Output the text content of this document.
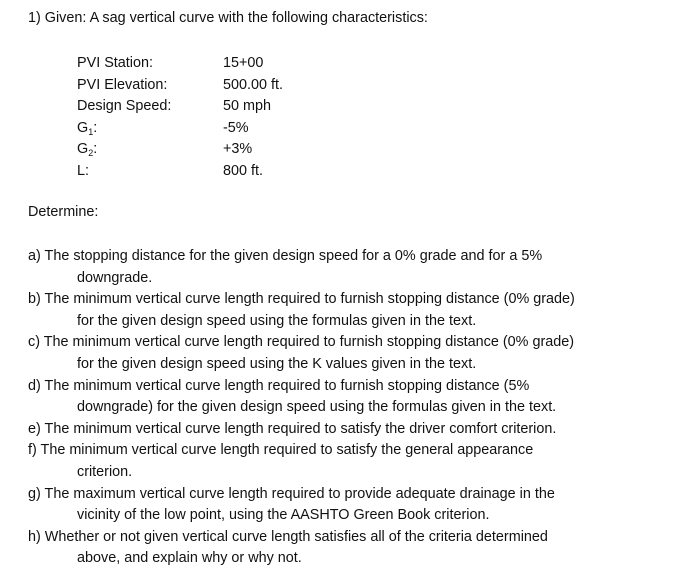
1) Given: A sag vertical curve with the following characteristics:
PVI Station:	15+00
PVI Elevation:	500.00 ft.
Design Speed:	50 mph
$G_1$:	-5%
$G_2$:	+3%
L:	800 ft.
Determine:
a) The stopping distance for the given design speed for a 0% grade and for a 5%
downgrade.
b) The minimum vertical curve length required to furnish stopping distance (0% grade)
for the given design speed using the formulas given in the text.
c) The minimum vertical curve length required to furnish stopping distance (0% grade)
for the given design speed using the K values given in the text.
d) The minimum vertical curve length required to furnish stopping distance (5%
downgrade) for the given design speed using the formulas given in the text.
e) The minimum vertical curve length required to satisfy the driver comfort criterion.
f) The minimum vertical curve length required to satisfy the general appearance
criterion.
g) The maximum vertical curve length required to provide adequate drainage in the
vicinity of the low point, using the AASHTO Green Book criterion.
h) Whether or not given vertical curve length satisfies all of the criteria determined
above, and explain why or why not.
